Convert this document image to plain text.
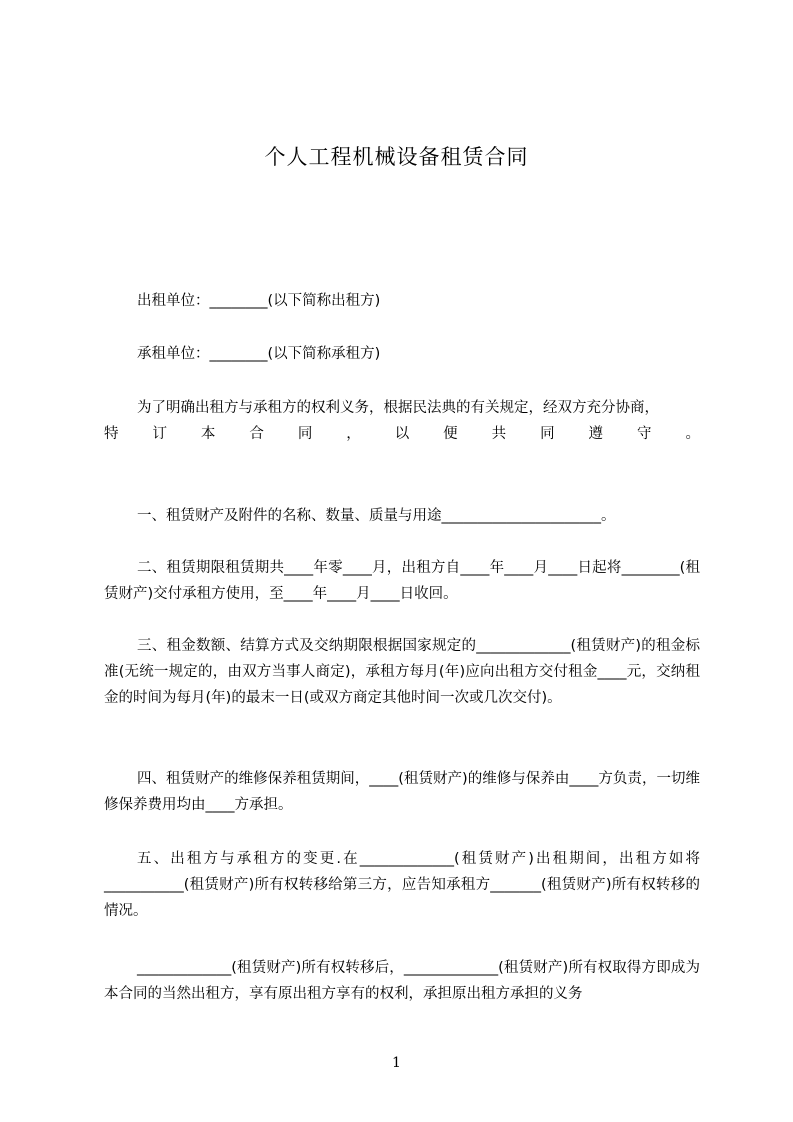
个人工程机械设备租赁合同
出租单位：________(以下简称出租方)
承租单位：________(以下简称承租方)
为了明确出租方与承租方的权利义务，根据民法典的有关规定，经双方充分协商，
特 订 本 合 同 ， 以 便 共 同 遵 守 。
一、租赁财产及附件的名称、数量、质量与用途______________________。
二、租赁期限租赁期共____年零____月，出租方自____年____月____日起将________(租赁财产)交付承租方使用，至____年____月____日收回。
三、租金数额、结算方式及交纳期限根据国家规定的_____________(租赁财产)的租金标准(无统一规定的，由双方当事人商定)，承租方每月(年)应向出租方交付租金____元，交纳租金的时间为每月(年)的最末一日(或双方商定其他时间一次或几次交付)。
四、租赁财产的维修保养租赁期间，____(租赁财产)的维修与保养由____方负责，一切维修保养费用均由____方承担。
五、出租方与承租方的变更.在_____________(租赁财产)出租期间，出租方如将___________(租赁财产)所有权转移给第三方，应告知承租方_______(租赁财产)所有权转移的情况。
_____________(租赁财产)所有权转移后，_____________(租赁财产)所有权取得方即成为本合同的当然出租方，享有原出租方享有的权利，承担原出租方承担的义务
1
